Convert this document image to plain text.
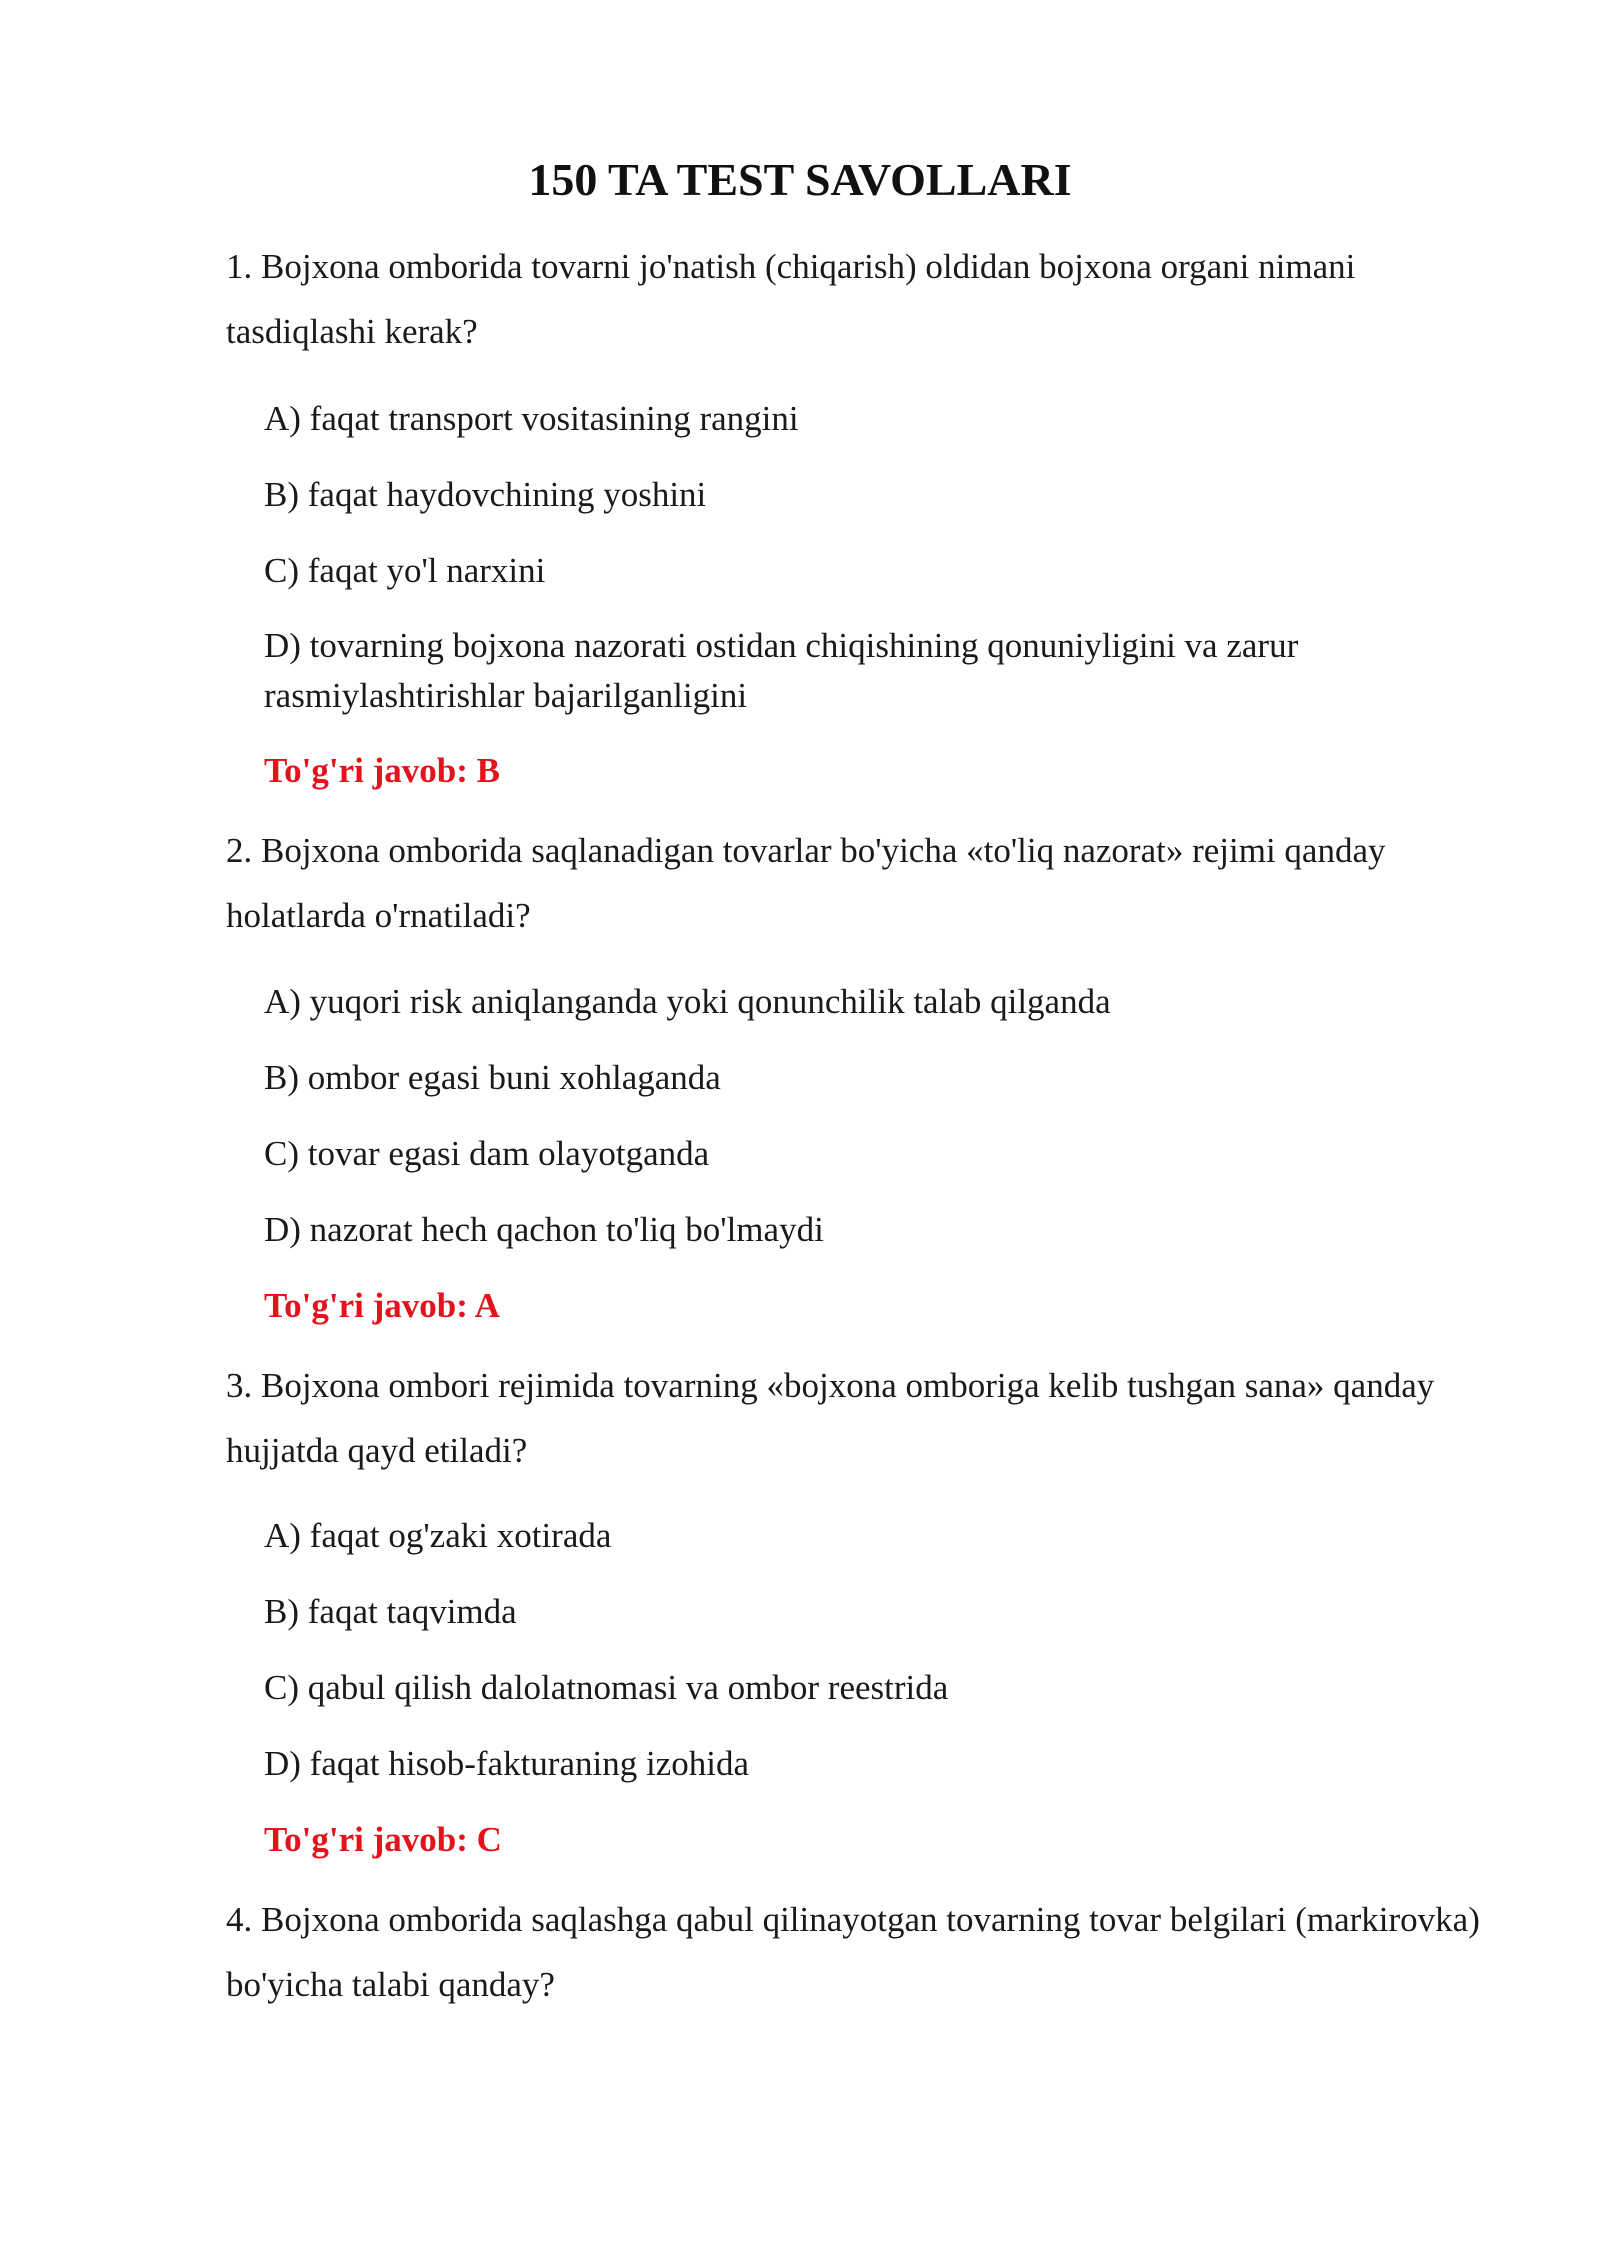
150 TA TEST SAVOLLARI

1. Bojxona omborida tovarni jo'natish (chiqarish) oldidan bojxona organi nimani tasdiqlashi kerak?

A) faqat transport vositasining rangini

B) faqat haydovchining yoshini

C) faqat yo'l narxini

D) tovarning bojxona nazorati ostidan chiqishining qonuniyligini va zarur rasmiylashtirishlar bajarilganligini

To'g'ri javob: B

2. Bojxona omborida saqlanadigan tovarlar bo'yicha «to'liq nazorat» rejimi qanday holatlarda o'rnatiladi?

A) yuqori risk aniqlanganda yoki qonunchilik talab qilganda

B) ombor egasi buni xohlaganda

C) tovar egasi dam olayotganda

D) nazorat hech qachon to'liq bo'lmaydi

To'g'ri javob: A

3. Bojxona ombori rejimida tovarning «bojxona omboriga kelib tushgan sana» qanday hujjatda qayd etiladi?

A) faqat og'zaki xotirada

B) faqat taqvimda

C) qabul qilish dalolatnomasi va ombor reestrida

D) faqat hisob-fakturaning izohida

To'g'ri javob: C

4. Bojxona omborida saqlashga qabul qilinayotgan tovarning tovar belgilari (markirovka) bo'yicha talabi qanday?
